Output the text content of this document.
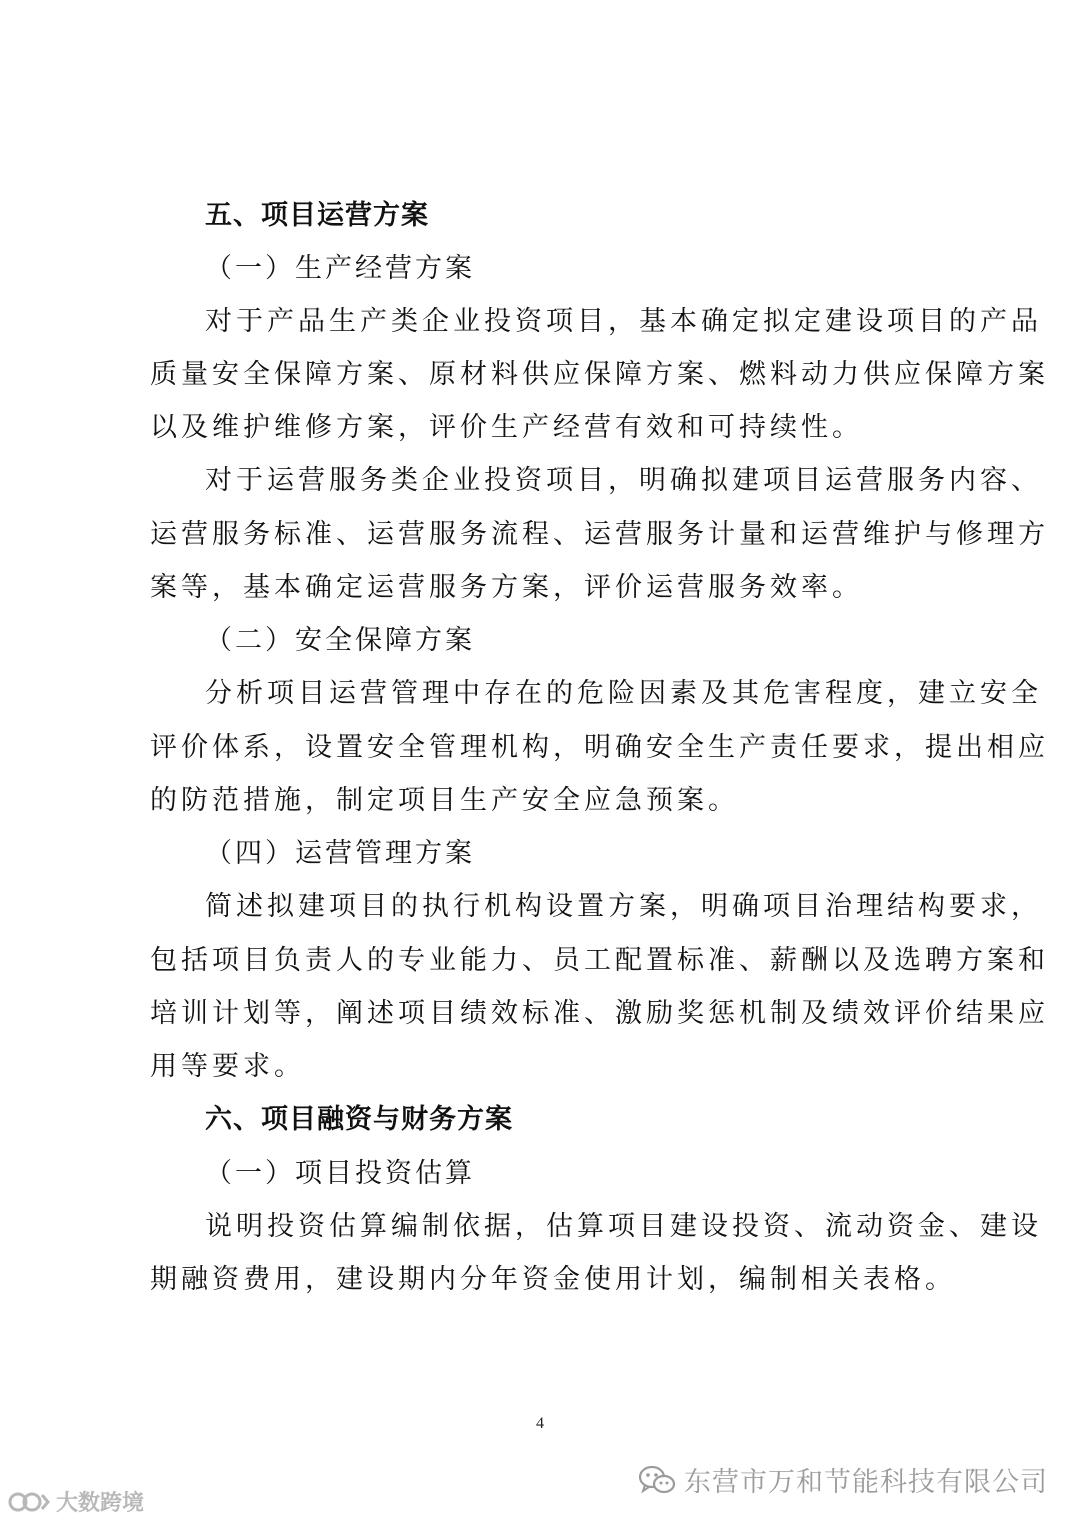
五、项目运营方案
（一）生产经营方案
对于产品生产类企业投资项目，基本确定拟定建设项目的产品
质量安全保障方案、原材料供应保障方案、燃料动力供应保障方案
以及维护维修方案，评价生产经营有效和可持续性。
对于运营服务类企业投资项目，明确拟建项目运营服务内容、
运营服务标准、运营服务流程、运营服务计量和运营维护与修理方
案等，基本确定运营服务方案，评价运营服务效率。
（二）安全保障方案
分析项目运营管理中存在的危险因素及其危害程度，建立安全
评价体系，设置安全管理机构，明确安全生产责任要求，提出相应
的防范措施，制定项目生产安全应急预案。
（四）运营管理方案
简述拟建项目的执行机构设置方案，明确项目治理结构要求，
包括项目负责人的专业能力、员工配置标准、薪酬以及选聘方案和
培训计划等，阐述项目绩效标准、激励奖惩机制及绩效评价结果应
用等要求。
六、项目融资与财务方案
（一）项目投资估算
说明投资估算编制依据，估算项目建设投资、流动资金、建设
期融资费用，建设期内分年资金使用计划，编制相关表格。
4
东营市万和节能科技有限公司
大数跨境
